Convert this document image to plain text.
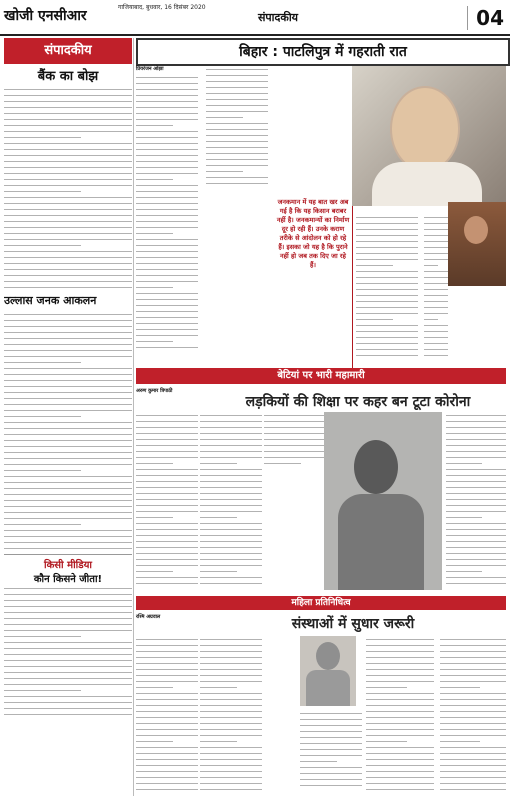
खोजी एनसीआर
गाजियाबाद, बुधवार, 16 दिसंबर 2020
संपादकीय	04
संपादकीय
बैंक का बोझ
उल्लास जनक आकलन
किसी मीडिया
कौन किसने जीता!
बिहार : पाटलिपुत्र में गहराती रात
प्रियरंजन ओझा
जनकमान में यह बात खर अब गई है कि यह किसान बराबर नहीं है। जनकमान्यों का निर्माण दूर हो रही हैं। उनके कराण तरीके से आंदोलन को हो रहे हैं। इसका जो यह है कि पुराने नहीं हो जब तक दिए जा रहे हैं।
बेटियां पर भारी महामारी
अरुण कुमार त्रिपाठी
लड़कियों की शिक्षा पर कहर बन टूटा कोरोना
महिला प्रतिनिधित्व
रश्मि अग्रवाल	संस्थाओं में सुधार जरूरी
